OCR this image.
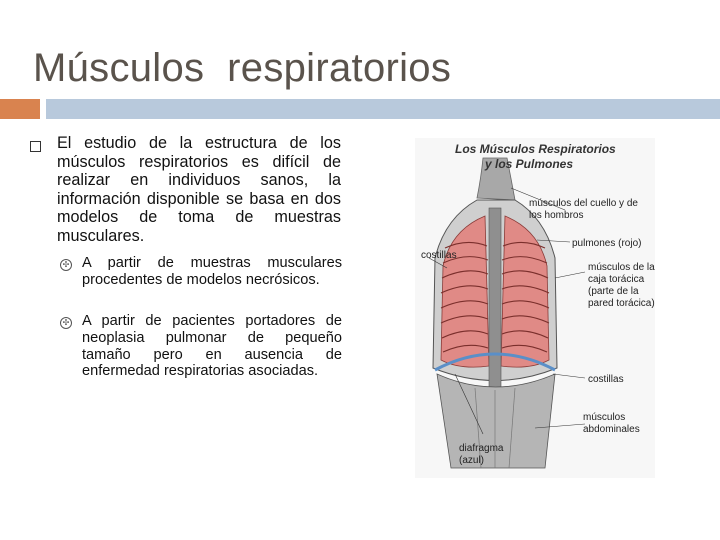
Músculos  respiratorios
El estudio de la estructura de los músculos respiratorios es difícil de realizar en individuos sanos, la información disponible se basa en dos modelos de toma de muestras musculares.
✣ A partir de muestras musculares procedentes de modelos necrósicos.
✣ A partir de pacientes portadores de neoplasia pulmonar de pequeño tamaño pero en ausencia de enfermedad respiratorias asociadas.
Los Músculos Respiratorios
y los Pulmones
músculos del cuello y de los hombros
pulmones (rojo)
costillas
músculos de la caja torácica (parte de la pared torácica)
costillas
músculos abdominales
diafragma (azul)
